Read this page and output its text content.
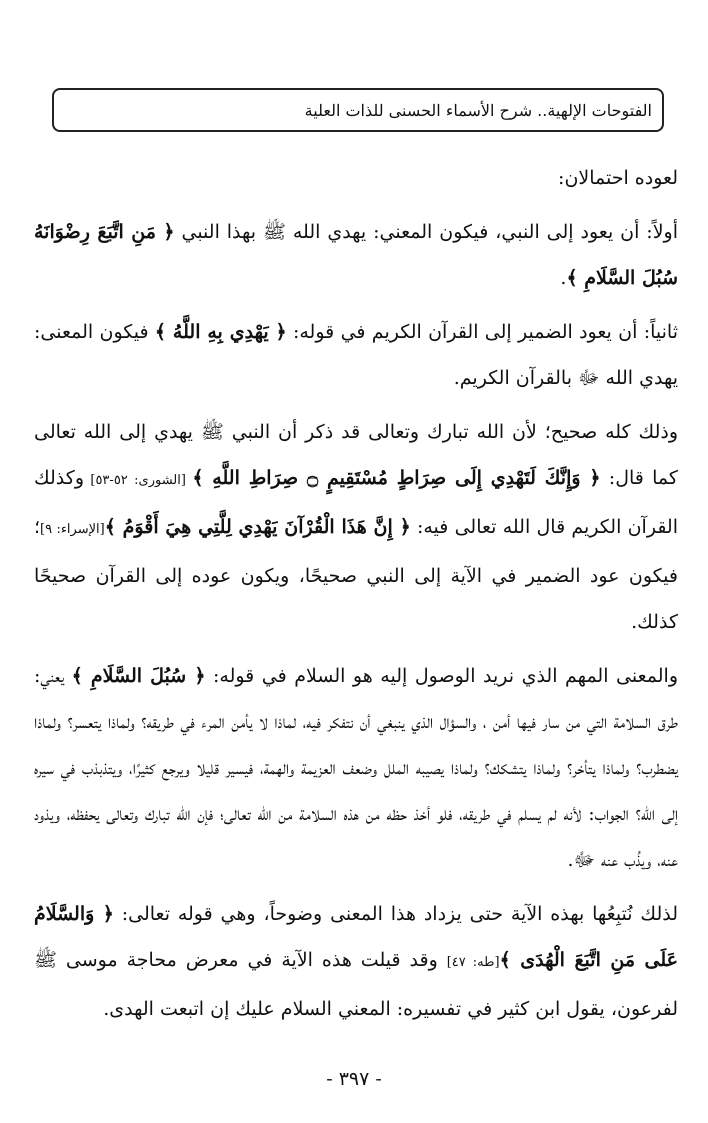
الفتوحات الإلهية.. شرح الأسماء الحسنى للذات العلية

لعوده احتمالان:

أولاً: أن يعود إلى النبي، فيكون المعني: يهدي الله ﷺ بهذا النبي ﴿ مَنِ اتَّبَعَ رِضْوَانَهُ سُبُلَ السَّلَامِ ﴾.

ثانياً: أن يعود الضمير إلى القرآن الكريم في قوله: ﴿ يَهْدِي بِهِ اللَّهُ ﴾ فيكون المعنى: يهدي الله ﷻ بالقرآن الكريم.

وذلك كله صحيح؛ لأن الله تبارك وتعالى قد ذكر أن النبي ﷺ يهدي إلى الله تعالى كما قال: ﴿ وَإِنَّكَ لَتَهْدِي إِلَى صِرَاطٍ مُسْتَقِيمٍ ۝ صِرَاطِ اللَّهِ ﴾ [الشورى: ٥٢-٥٣] وكذلك القرآن الكريم قال الله تعالى فيه: ﴿ إِنَّ هَذَا الْقُرْآنَ يَهْدِي لِلَّتِي هِيَ أَقْوَمُ ﴾[الإسراء: ٩]؛ فيكون عود الضمير في الآية إلى النبي صحيحًا، ويكون عوده إلى القرآن صحيحًا كذلك.

والمعنى المهم الذي نريد الوصول إليه هو السلام في قوله: ﴿ سُبُلَ السَّلَامِ ﴾ يعني: طرق السلامة التي من سار فيها أمن ، والسؤال الذي ينبغي أن نتفكر فيه، لماذا لا يأمن المرء في طريقه؟ ولماذا يتعسر؟ ولماذا يضطرب؟ ولماذا يتأخر؟ ولماذا يتشكك؟ ولماذا يصيبه الملل وضعف العزيمة والهمة، فيسير قليلا ويرجع كثيرًا، ويتذبذب في سيره إلى الله؟ الجواب: لأنه لم يسلم في طريقه، فلو أخذ حظه من هذه السلامة من الله تعالى؛ فإن الله تبارك وتعالى يحفظه، ويذود عنه، ويذُب عنه ﷻ.

لذلك نُتبِعُها بهذه الآية حتى يزداد هذا المعنى وضوحاً، وهي قوله تعالى: ﴿ وَالسَّلَامُ عَلَى مَنِ اتَّبَعَ الْهُدَى ﴾[طه: ٤٧] وقد قيلت هذه الآية في معرض محاجة موسى ﷺ لفرعون، يقول ابن كثير في تفسيره: المعني السلام عليك إن اتبعت الهدى.

- ٣٩٧ -
